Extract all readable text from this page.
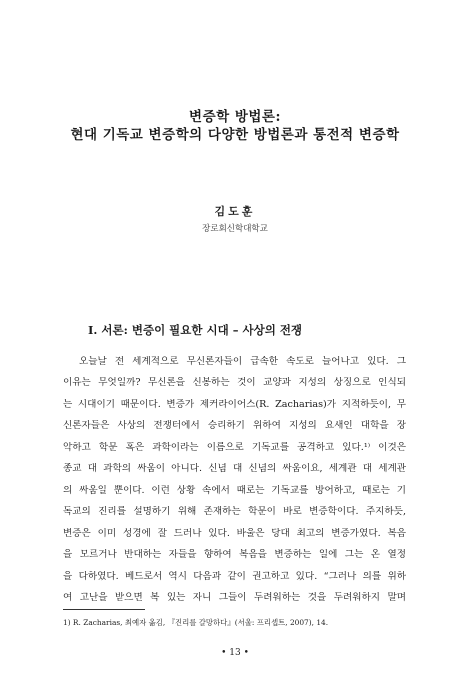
변증학 방법론:
현대 기독교 변증학의 다양한 방법론과 통전적 변증학
김도훈
장로회신학대학교
I. 서론: 변증이 필요한 시대 – 사상의 전쟁
오늘날 전 세계적으로 무신론자들이 급속한 속도로 늘어나고 있다. 그
이유는 무엇일까? 무신론을 신봉하는 것이 교양과 지성의 상징으로 인식되
는 시대이기 때문이다. 변증가 제커라이어스(R. Zacharias)가 지적하듯이, 무
신론자들은 사상의 전쟁터에서 승리하기 위하여 지성의 요새인 대학을 장
악하고 학문 혹은 과학이라는 이름으로 기독교를 공격하고 있다.¹⁾ 이것은
종교 대 과학의 싸움이 아니다. 신념 대 신념의 싸움이요, 세계관 대 세계관
의 싸움일 뿐이다. 이런 상황 속에서 때로는 기독교를 방어하고, 때로는 기
독교의 진리를 설명하기 위해 존재하는 학문이 바로 변증학이다. 주지하듯,
변증은 이미 성경에 잘 드러나 있다. 바울은 당대 최고의 변증가였다. 복음
을 모르거나 반대하는 자들을 향하여 복음을 변증하는 일에 그는 온 열정
을 다하였다. 베드로서 역시 다음과 같이 권고하고 있다. “그러나 의를 위하
여 고난을 받으면 복 있는 자니 그들이 두려워하는 것을 두려워하지 말며
1) R. Zacharias, 최예자 옮김, 『진리를 갈망하다』(서울: 프리셉트, 2007), 14.
• 13 •
